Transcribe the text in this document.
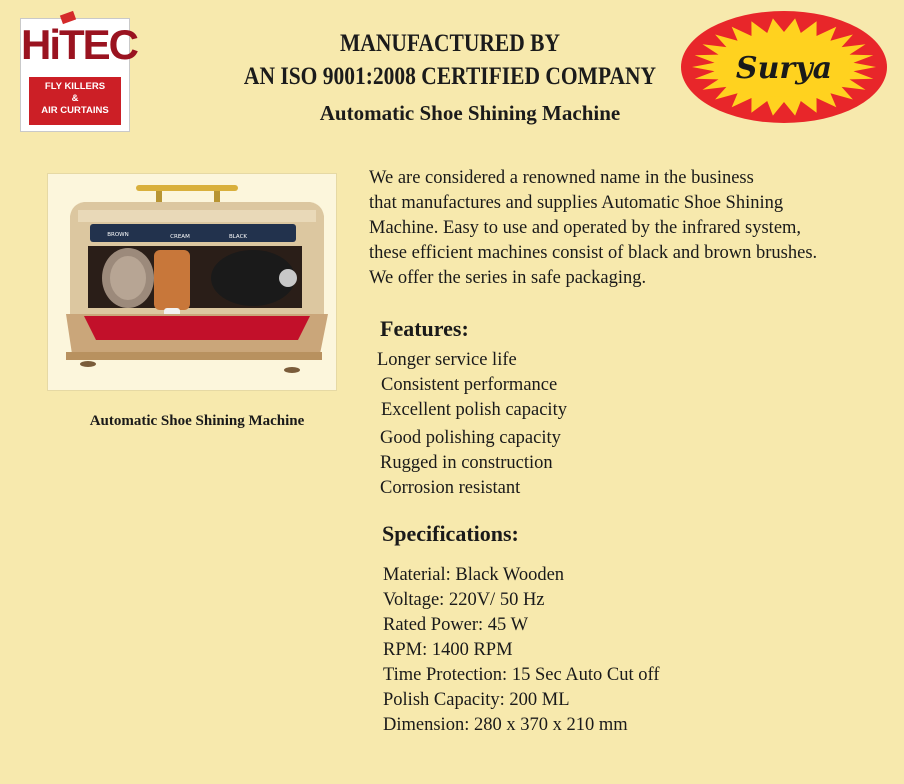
HiTEC
FLY KILLERS
&
AIR CURTAINS
MANUFACTURED BY
AN ISO 9001:2008 CERTIFIED COMPANY
Automatic Shoe Shining Machine
Surya
BROWN	CREAM	BLACK
Automatic Shoe Shining Machine
We are considered a renowned name in the business
that manufactures and supplies Automatic Shoe Shining
Machine. Easy to use and operated by the infrared system,
these efficient machines consist of black and brown brushes.
We offer the series in safe packaging.
Features:
Longer service life
Consistent performance
Excellent polish capacity
Good polishing capacity
Rugged in construction
Corrosion resistant
Specifications:
Material: Black Wooden
Voltage: 220V/ 50 Hz
Rated Power: 45 W
RPM: 1400 RPM
Time Protection: 15 Sec Auto Cut off
Polish Capacity: 200 ML
Dimension: 280 x 370 x 210 mm
